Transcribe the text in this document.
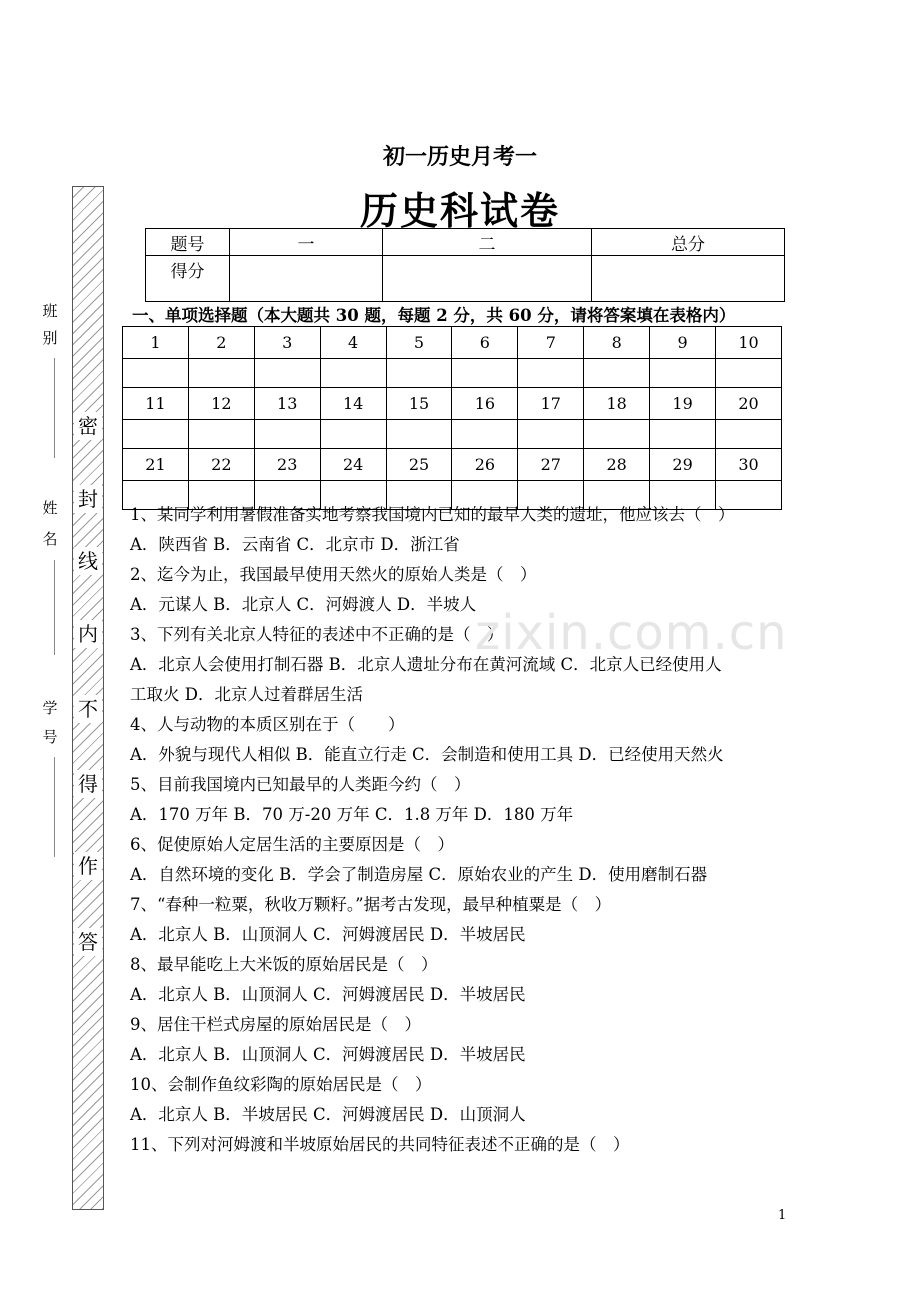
初一历史月考一
历史科试卷
密
封
线
内
不
得
作
答
班
别
姓
名
学
号
题号	一	二	总分
得分			
一、单项选择题（本大题共 30 题，每题 2 分，共 60 分，请将答案填在表格内）
1	2	3	4	5	6	7	8	9	10

11	12	13	14	15	16	17	18	19	20

21	22	23	24	25	26	27	28	29	30

1、某同学利用暑假准备实地考察我国境内已知的最早人类的遗址，他应该去（　）

A．陕西省 B．云南省 C．北京市 D．浙江省

2、迄今为止，我国最早使用天然火的原始人类是（　）

A．元谋人 B．北京人 C．河姆渡人 D．半坡人

3、下列有关北京人特征的表述中不正确的是（　）

A．北京人会使用打制石器 B．北京人遗址分布在黄河流域 C．北京人已经使用人

工取火 D．北京人过着群居生活

4、人与动物的本质区别在于（　　）

A．外貌与现代人相似 B．能直立行走 C．会制造和使用工具 D．已经使用天然火

5、目前我国境内已知最早的人类距今约（　）

A．170 万年 B．70 万-20 万年 C．1.8 万年 D．180 万年

6、促使原始人定居生活的主要原因是（　）

A．自然环境的变化 B．学会了制造房屋 C．原始农业的产生 D．使用磨制石器

7、“春种一粒粟，秋收万颗籽。”据考古发现，最早种植粟是（　）

A．北京人 B．山顶洞人 C．河姆渡居民 D．半坡居民

8、最早能吃上大米饭的原始居民是（　）

A．北京人 B．山顶洞人 C．河姆渡居民 D．半坡居民

9、居住干栏式房屋的原始居民是（　）

A．北京人 B．山顶洞人 C．河姆渡居民 D．半坡居民

10、会制作鱼纹彩陶的原始居民是（　）

A．北京人 B．半坡居民 C．河姆渡居民 D．山顶洞人

11、下列对河姆渡和半坡原始居民的共同特征表述不正确的是（　）

zixin.com.cn
1
